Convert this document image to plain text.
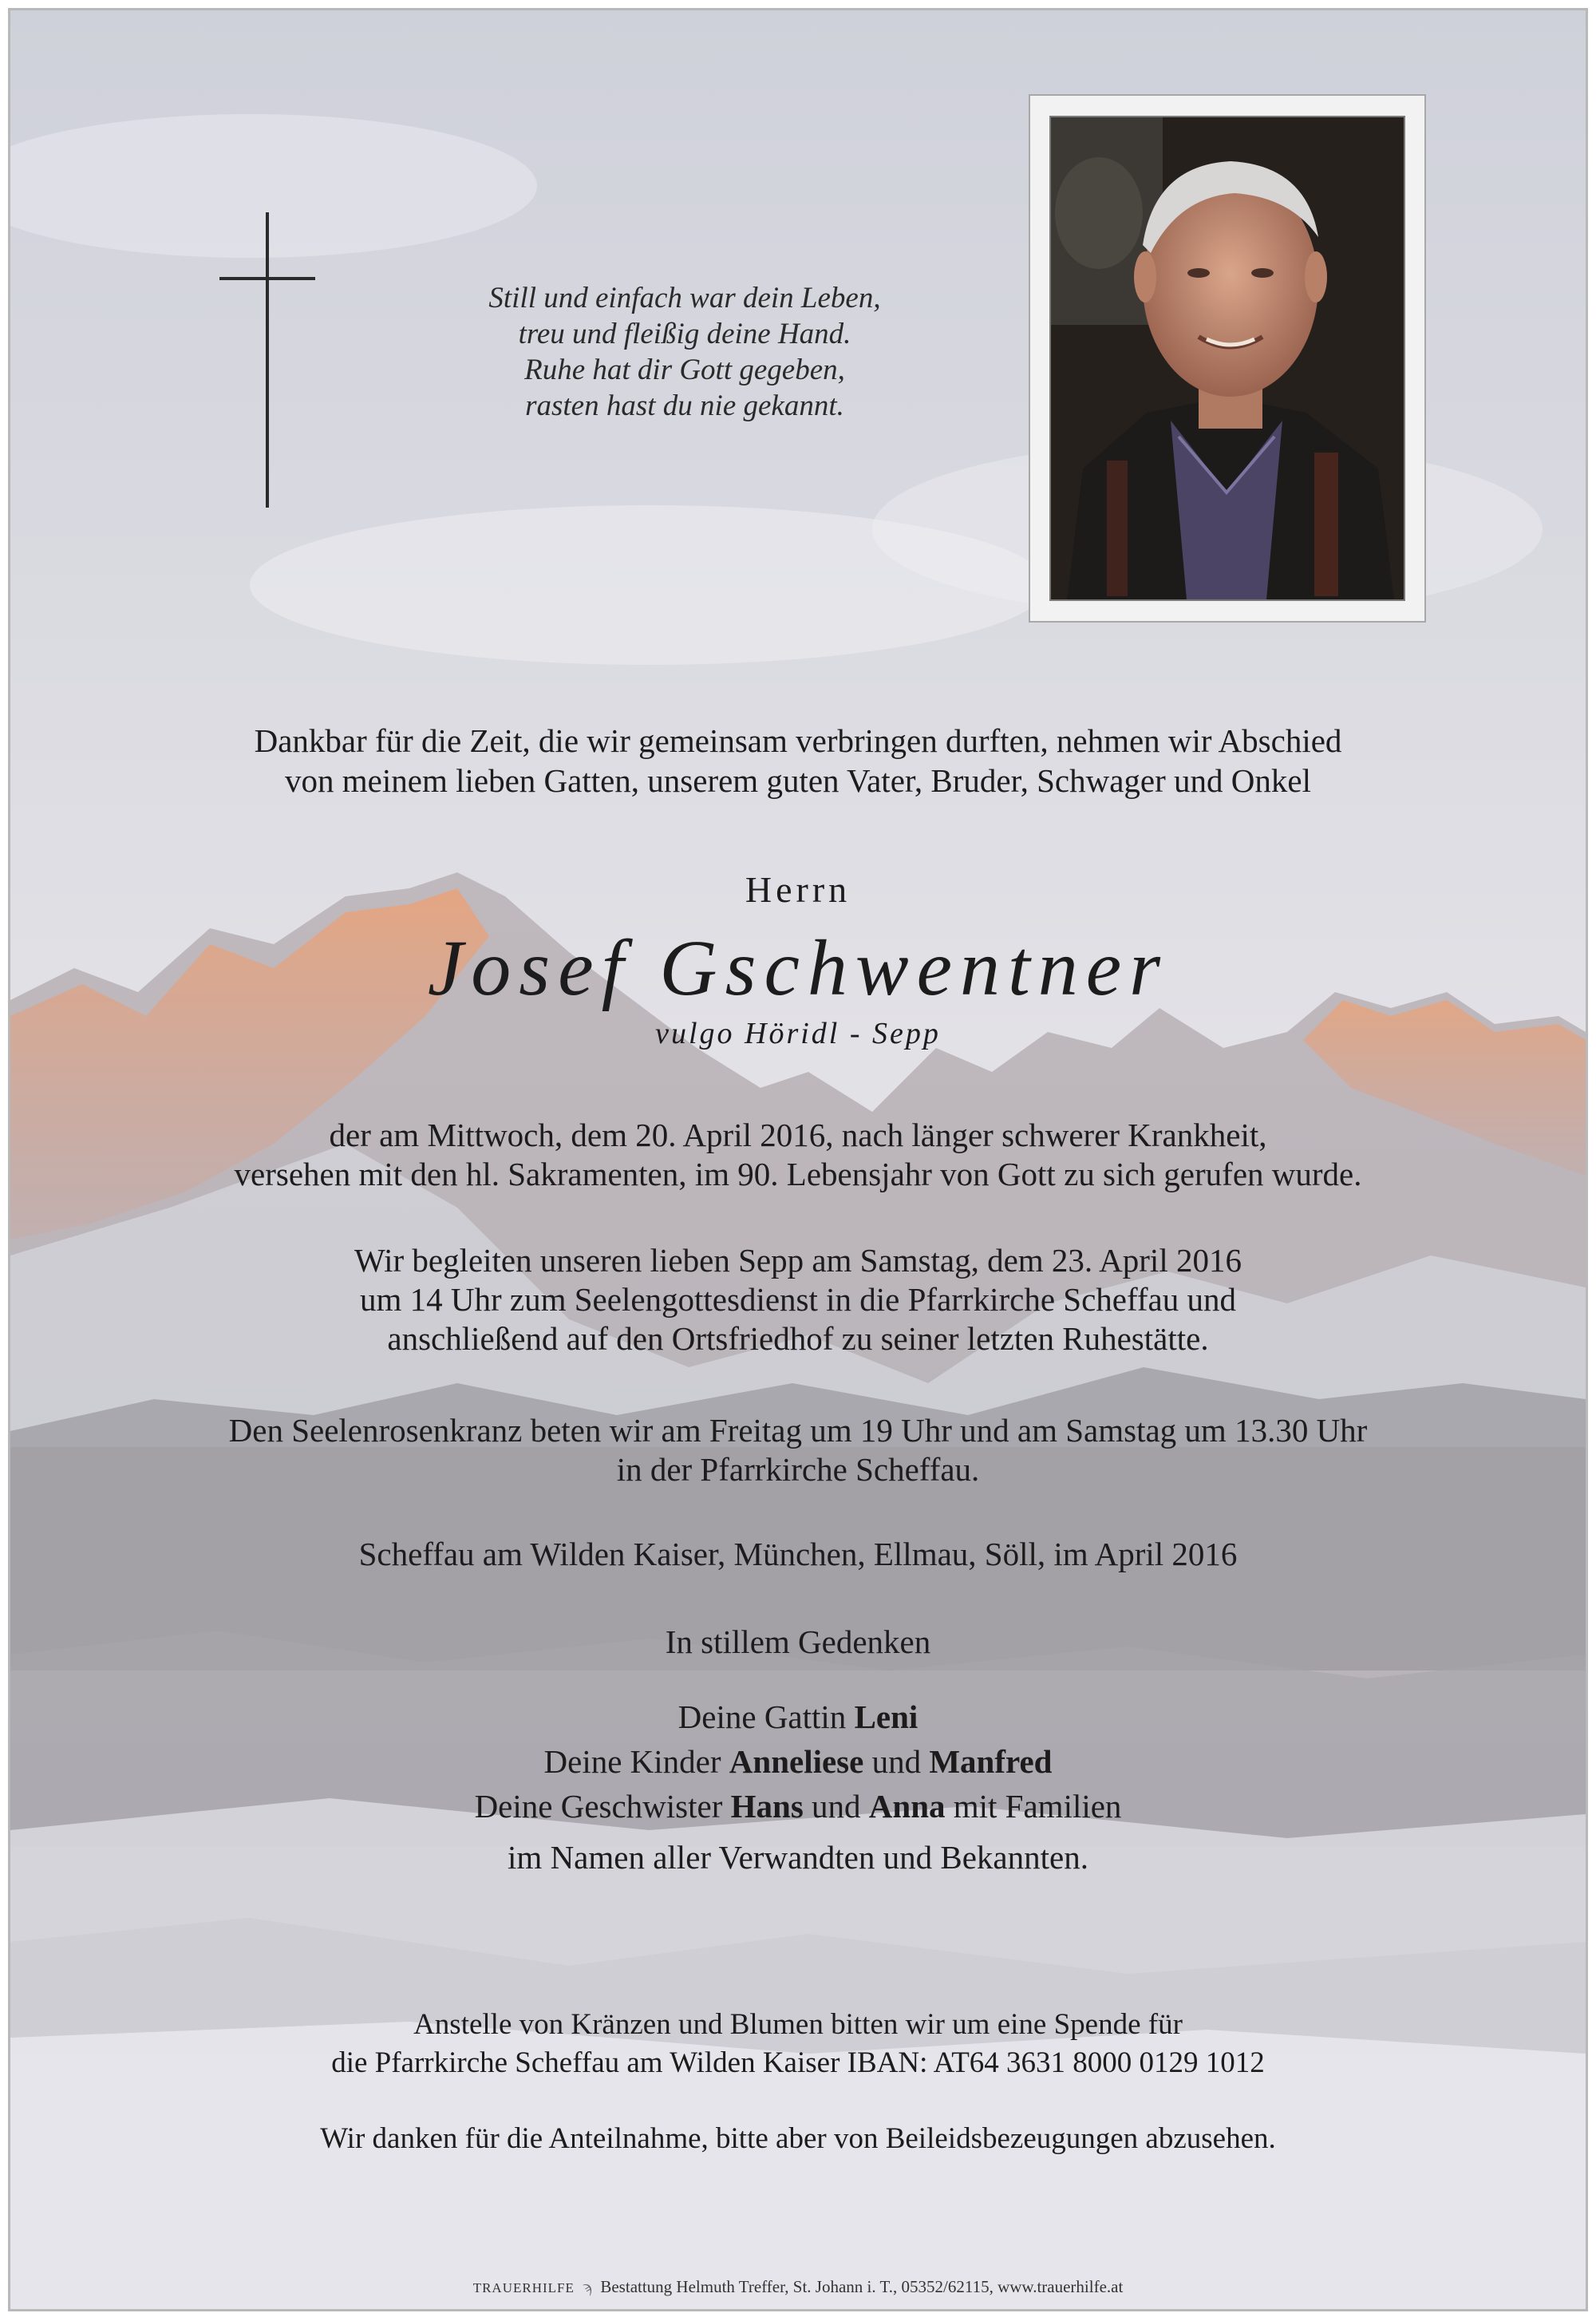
Still und einfach war dein Leben,
treu und fleißig deine Hand.
Ruhe hat dir Gott gegeben,
rasten hast du nie gekannt.
Dankbar für die Zeit, die wir gemeinsam verbringen durften, nehmen wir Abschied
von meinem lieben Gatten, unserem guten Vater, Bruder, Schwager und Onkel
Herrn
Josef Gschwentner
vulgo Höridl - Sepp
der am Mittwoch, dem 20. April 2016, nach länger schwerer Krankheit,
versehen mit den hl. Sakramenten, im 90. Lebensjahr von Gott zu sich gerufen wurde.
Wir begleiten unseren lieben Sepp am Samstag, dem 23. April 2016
um 14 Uhr zum Seelengottesdienst in die Pfarrkirche Scheffau und
anschließend auf den Ortsfriedhof zu seiner letzten Ruhestätte.
Den Seelenrosenkranz beten wir am Freitag um 19 Uhr und am Samstag um 13.30 Uhr
in der Pfarrkirche Scheffau.
Scheffau am Wilden Kaiser, München, Ellmau, Söll, im April 2016
In stillem Gedenken
Deine Gattin Leni
Deine Kinder Anneliese und Manfred
Deine Geschwister Hans und Anna mit Familien
im Namen aller Verwandten und Bekannten.
Anstelle von Kränzen und Blumen bitten wir um eine Spende für
die Pfarrkirche Scheffau am Wilden Kaiser IBAN: AT64 3631 8000 0129 1012
Wir danken für die Anteilnahme, bitte aber von Beileidsbezeugungen abzusehen.
TRAUERHILFE ϡ Bestattung Helmuth Treffer, St. Johann i. T., 05352/62115, www.trauerhilfe.at
